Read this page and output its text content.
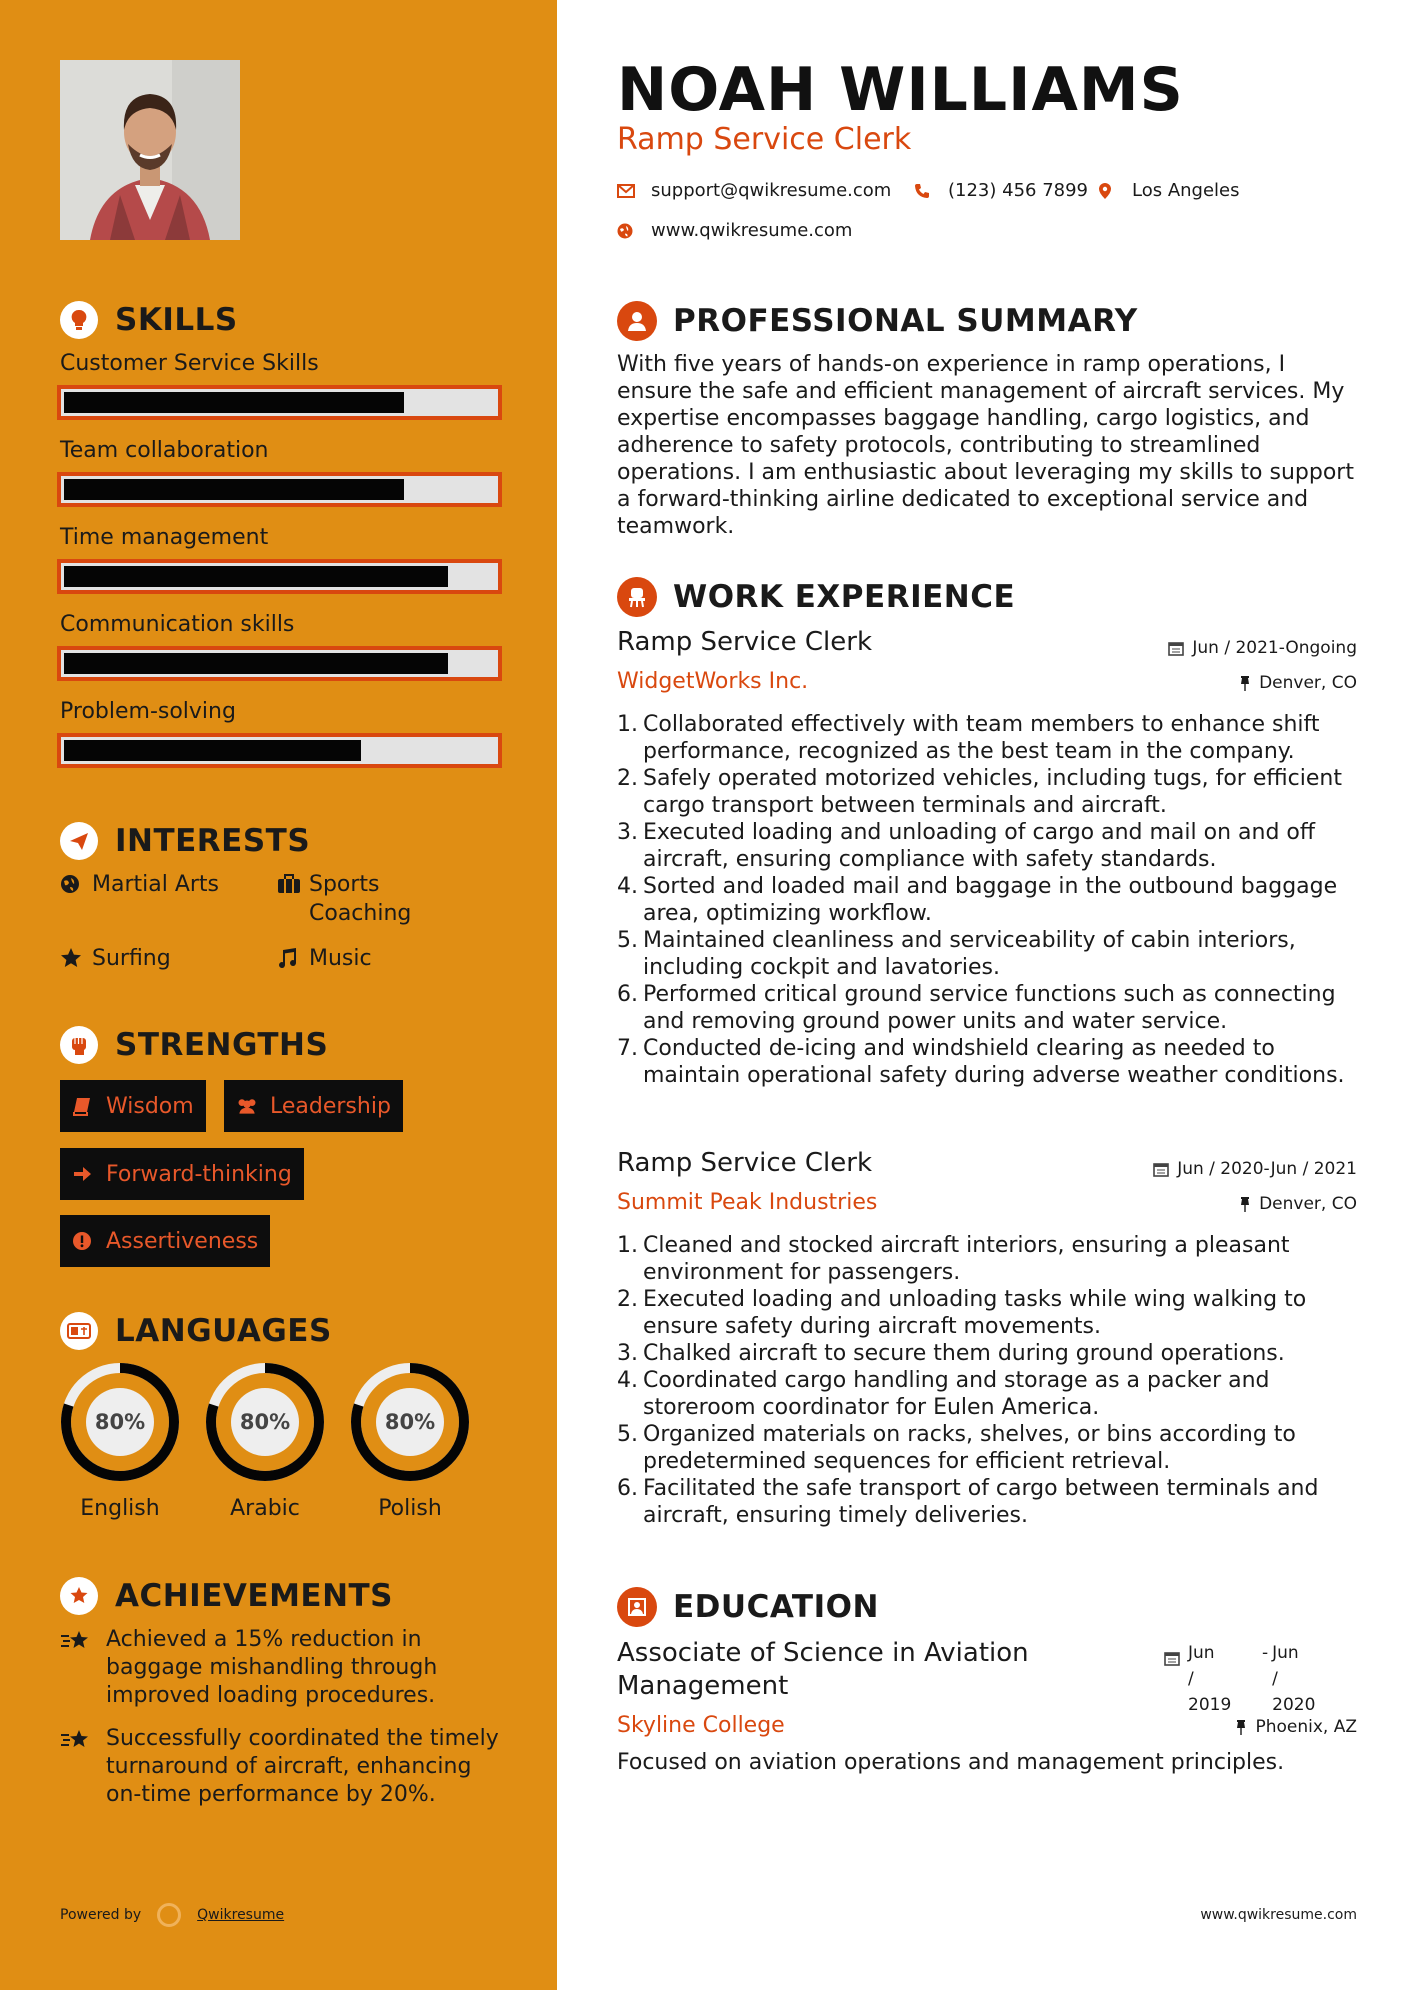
SKILLS
Customer Service Skills
Team collaboration
Time management
Communication skills
Problem-solving
INTERESTS
Martial Arts	Sports Coaching
Surfing	Music
STRENGTHS
Wisdom	Leadership
Forward-thinking
Assertiveness
LANGUAGES
80%
English
80%
Arabic
80%
Polish
ACHIEVEMENTS
Achieved a 15% reduction in baggage mishandling through improved loading procedures.
Successfully coordinated the timely turnaround of aircraft, enhancing on-time performance by 20%.
Powered by	Qwikresume
NOAH WILLIAMS
Ramp Service Clerk
support@qwikresume.com	(123) 456 7899 Los Angeles
www.qwikresume.com
PROFESSIONAL SUMMARY
With five years of hands-on experience in ramp operations, I ensure the safe and efficient management of aircraft services. My expertise encompasses baggage handling, cargo logistics, and adherence to safety protocols, contributing to streamlined operations. I am enthusiastic about leveraging my skills to support a forward-thinking airline dedicated to exceptional service and teamwork.
WORK EXPERIENCE
Ramp Service Clerk	Jun / 2021-Ongoing
WidgetWorks Inc.	Denver, CO
1. Collaborated effectively with team members to enhance shift performance, recognized as the best team in the company.
2. Safely operated motorized vehicles, including tugs, for efficient cargo transport between terminals and aircraft.
3. Executed loading and unloading of cargo and mail on and off aircraft, ensuring compliance with safety standards.
4. Sorted and loaded mail and baggage in the outbound baggage area, optimizing workflow.
5. Maintained cleanliness and serviceability of cabin interiors, including cockpit and lavatories.
6. Performed critical ground service functions such as connecting and removing ground power units and water service.
7. Conducted de-icing and windshield clearing as needed to maintain operational safety during adverse weather conditions.
Ramp Service Clerk	Jun / 2020-Jun / 2021
Summit Peak Industries	Denver, CO
1. Cleaned and stocked aircraft interiors, ensuring a pleasant environment for passengers.
2. Executed loading and unloading tasks while wing walking to ensure safety during aircraft movements.
3. Chalked aircraft to secure them during ground operations.
4. Coordinated cargo handling and storage as a packer and storeroom coordinator for Eulen America.
5. Organized materials on racks, shelves, or bins according to predetermined sequences for efficient retrieval.
6. Facilitated the safe transport of cargo between terminals and aircraft, ensuring timely deliveries.
EDUCATION
Associate of Science in Aviation Management
Jun / 2019
- Jun / 2020
Skyline College	Phoenix, AZ
Focused on aviation operations and management principles.
www.qwikresume.com
